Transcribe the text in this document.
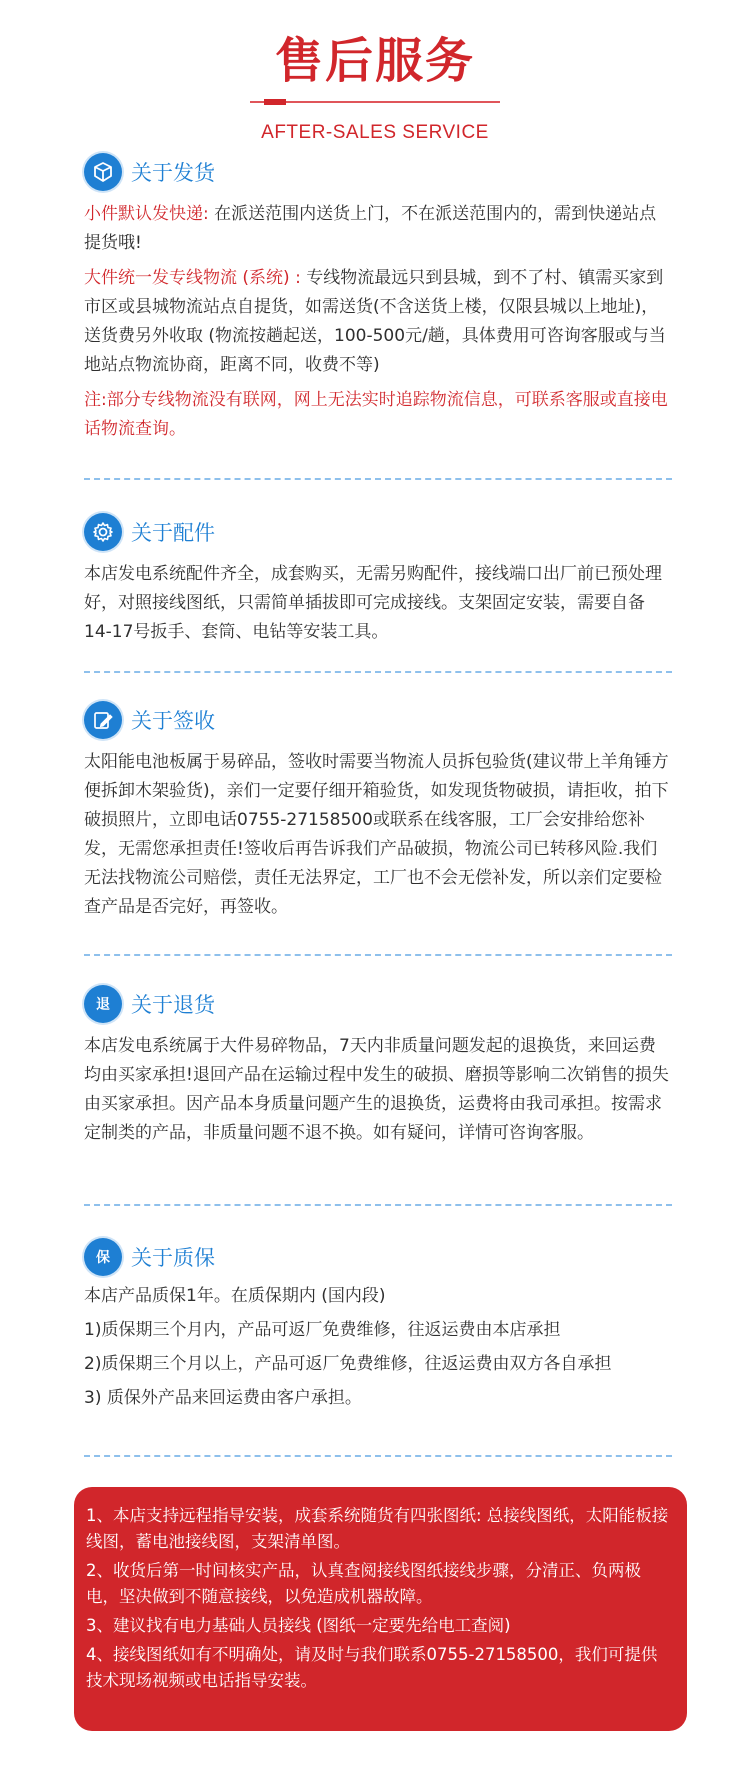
售后服务
AFTER-SALES SERVICE
关于发货
小件默认发快递: 在派送范围内送货上门，不在派送范围内的，需到快递站点提货哦!
大件统一发专线物流 (系统) : 专线物流最远只到县城，到不了村、镇需买家到市区或县城物流站点自提货，如需送货(不含送货上楼，仅限县城以上地址)，送货费另外收取 (物流按趟起送，100-500元/趟，具体费用可咨询客服或与当地站点物流协商，距离不同，收费不等)
注:部分专线物流没有联网，网上无法实时追踪物流信息，可联系客服或直接电话物流查询。
关于配件
本店发电系统配件齐全，成套购买，无需另购配件，接线端口出厂前已预处理好，对照接线图纸，只需简单插拔即可完成接线。支架固定安装，需要自备14-17号扳手、套筒、电钻等安装工具。
关于签收
太阳能电池板属于易碎品，签收时需要当物流人员拆包验货(建议带上羊角锤方便拆卸木架验货)，亲们一定要仔细开箱验货，如发现货物破损，请拒收，拍下破损照片，立即电话0755-27158500或联系在线客服，工厂会安排给您补发，无需您承担责任!签收后再告诉我们产品破损，物流公司已转移风险.我们无法找物流公司赔偿，责任无法界定，工厂也不会无偿补发，所以亲们定要检查产品是否完好，再签收。
退 关于退货
本店发电系统属于大件易碎物品，7天内非质量问题发起的退换货，来回运费均由买家承担!退回产品在运输过程中发生的破损、磨损等影响二次销售的损失由买家承担。因产品本身质量问题产生的退换货，运费将由我司承担。按需求定制类的产品，非质量问题不退不换。如有疑问，详情可咨询客服。
保 关于质保
本店产品质保1年。在质保期内 (国内段)
1)质保期三个月内，产品可返厂免费维修，往返运费由本店承担
2)质保期三个月以上，产品可返厂免费维修，往返运费由双方各自承担
3) 质保外产品来回运费由客户承担。
1、本店支持远程指导安装，成套系统随货有四张图纸: 总接线图纸，太阳能板接线图，蓄电池接线图，支架清单图。
2、收货后第一时间核实产品，认真查阅接线图纸接线步骤，分清正、负两极电，坚决做到不随意接线，以免造成机器故障。
3、建议找有电力基础人员接线 (图纸一定要先给电工查阅)
4、接线图纸如有不明确处，请及时与我们联系0755-27158500，我们可提供技术现场视频或电话指导安装。
